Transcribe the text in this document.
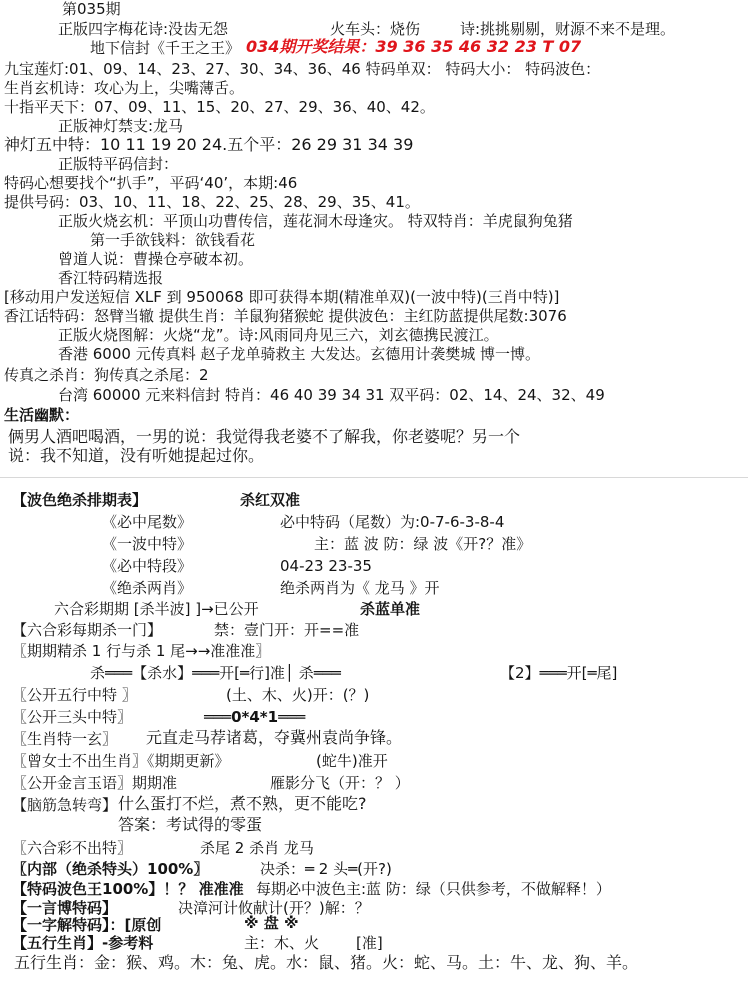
第035期
正版四字梅花诗:没齿无怨	火车头：烧伤	诗:挑挑剔剔，财源不来不是理。
地下信封《千王之王》 034期开奖结果：39 36 35 46 32 23 T 07
九宝莲灯:01、09、14、23、27、30、34、36、46 特码单双： 特码大小： 特码波色：
生肖玄机诗：攻心为上，尖嘴薄舌。
十指平天下：07、09、11、15、20、27、29、36、40、42。
正版神灯禁支:龙马
神灯五中特：10 11 19 20 24.五个平：26 29 31 34 39
正版特平码信封：
特码心想要找个“扒手”，平码‘40’，本期:46
提供号码：03、10、11、18、22、25、28、29、35、41。
正版火烧玄机：平顶山功曹传信，莲花洞木母逢灾。 特双特肖：羊虎鼠狗兔猪
第一手欲钱料：欲钱看花
曾道人说：曹操仓亭破本初。
香江特码精选报
[移动用户发送短信 XLF 到 950068 即可获得本期(精准单双)(一波中特)(三肖中特)]
香江话特码：怒臂当辙 提供生肖：羊鼠狗猪猴蛇 提供波色：主红防蓝提供尾数:3076
正版火烧图解：火烧“龙”。诗:风雨同舟见三六，刘玄德携民渡江。
香港 6000 元传真料 赵子龙单骑救主 大发达。玄德用计袭樊城 博一博。
传真之杀肖：狗传真之杀尾：2
台湾 60000 元来料信封 特肖：46 40 39 34 31 双平码：02、14、24、32、49
生活幽默：
俩男人酒吧喝酒，一男的说：我觉得我老婆不了解我，你老婆呢？另一个
说：我不知道，没有听她提起过你。
【波色绝杀排期表】	杀红双准
《必中尾数》	必中特码（尾数）为:0-7-6-3-8-4
《一波中特》	主：蓝 波 防：绿 波《开?？准》
《必中特段》	04-23 23-35
《绝杀两肖》	绝杀两肖为《 龙马 》开
六合彩期期 [杀半波] ]→已公开	杀蓝单准
【六合彩每期杀一门】	禁：壹门开：开==准
〖期期精杀 1 行与杀 1 尾→→准准准〗
杀═══【杀水】═══开[═行]准│ 杀═══	【2】═══开[═尾]
〖公开五行中特 〗	(土、木、火)开：(？)
〖公开三头中特〗	═══0*4*1═══
〖生肖特一玄〗 元直走马荐诸葛，夺冀州袁尚争锋。
〖曾女士不出生肖〗《期期更新》	(蛇牛)准开
〖公开金言玉语〗期期准	雁影分飞（开：？ ）
【脑筋急转弯】 什么蛋打不烂，煮不熟，更不能吃?
答案：考试得的零蛋
〖六合彩不出特〗	杀尾 2 杀肖 龙马
〖内部（绝杀特头）100%〗	决杀：═ 2 头═(开?)
【特码波色王100%】！？ 准准准 每期必中波色主:蓝 防：绿（只供参考，不做解释！）
【一言博特码】	决漳河计攸献计(开？)解：？
【一字解特码】：[原创	※ 盘 ※
【五行生肖】-参考料	主：木、火 [准]
五行生肖：金：猴、鸡。木：兔、虎。水：鼠、猪。火：蛇、马。土：牛、龙、狗、羊。
